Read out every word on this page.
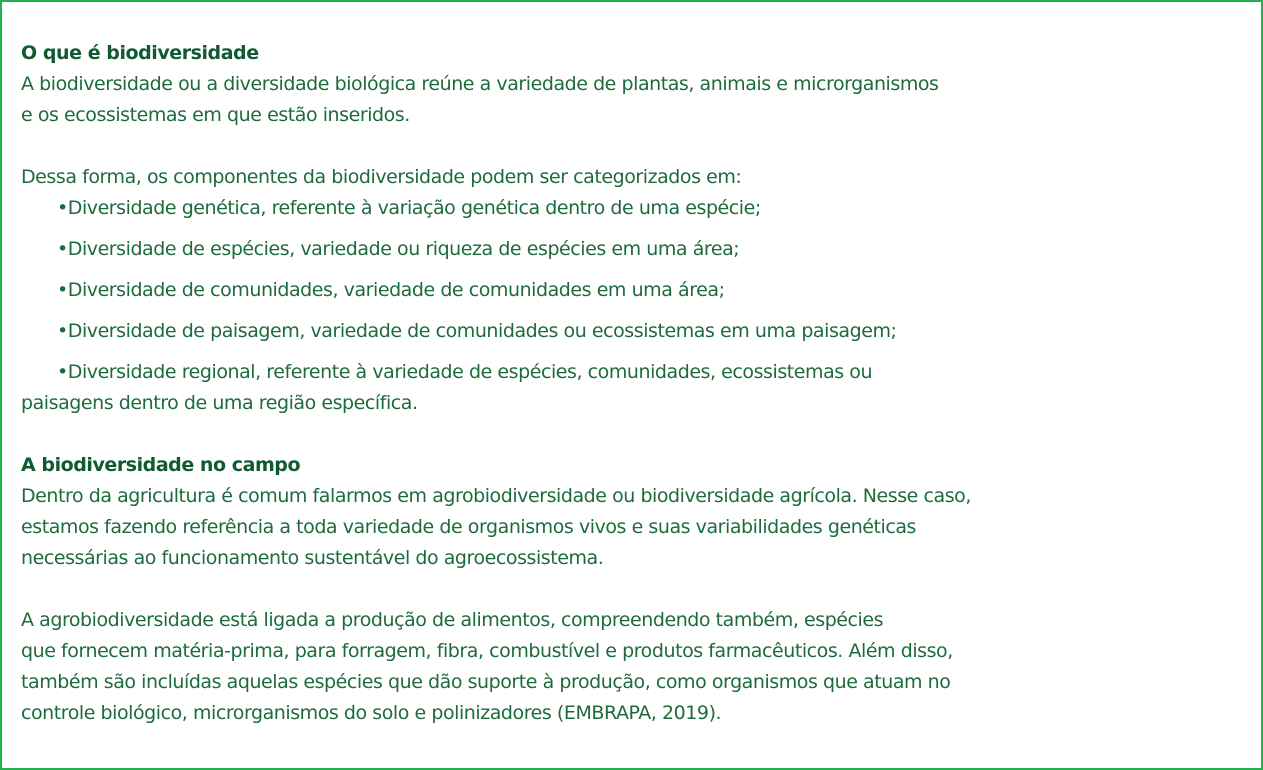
O que é biodiversidade
A biodiversidade ou a diversidade biológica reúne a variedade de plantas, animais e microrganismos
e os ecossistemas em que estão inseridos.
Dessa forma, os componentes da biodiversidade podem ser categorizados em:
•Diversidade genética, referente à variação genética dentro de uma espécie;
•Diversidade de espécies, variedade ou riqueza de espécies em uma área;
•Diversidade de comunidades, variedade de comunidades em uma área;
•Diversidade de paisagem, variedade de comunidades ou ecossistemas em uma paisagem;
•Diversidade regional, referente à variedade de espécies, comunidades, ecossistemas ou
paisagens dentro de uma região específica.
A biodiversidade no campo
Dentro da agricultura é comum falarmos em agrobiodiversidade ou biodiversidade agrícola. Nesse caso,
estamos fazendo referência a toda variedade de organismos vivos e suas variabilidades genéticas
necessárias ao funcionamento sustentável do agroecossistema.
A agrobiodiversidade está ligada a produção de alimentos, compreendendo também, espécies
que fornecem matéria-prima, para forragem, fibra, combustível e produtos farmacêuticos. Além disso,
também são incluídas aquelas espécies que dão suporte à produção, como organismos que atuam no
controle biológico, microrganismos do solo e polinizadores (EMBRAPA, 2019).
